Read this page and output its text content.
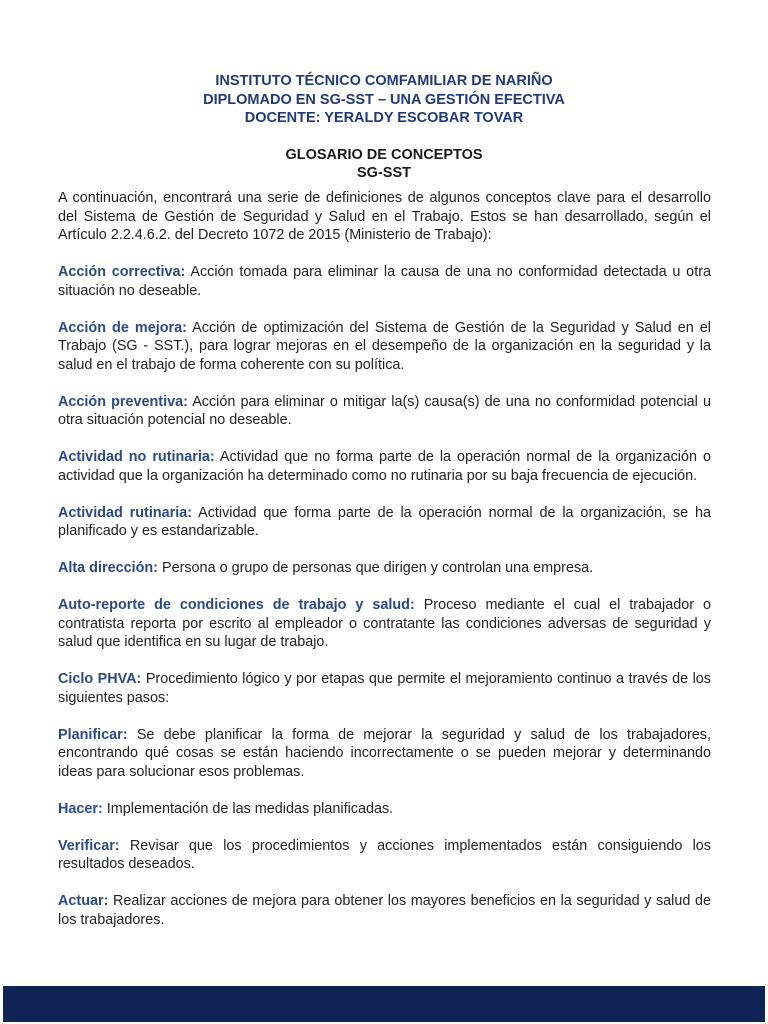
INSTITUTO TÉCNICO COMFAMILIAR DE NARIÑO
DIPLOMADO EN SG-SST – UNA GESTIÓN EFECTIVA
DOCENTE: YERALDY ESCOBAR TOVAR
GLOSARIO DE CONCEPTOS
SG-SST

A continuación, encontrará una serie de definiciones de algunos conceptos clave para el desarrollo del Sistema de Gestión de Seguridad y Salud en el Trabajo. Estos se han desarrollado, según el Artículo 2.2.4.6.2. del Decreto 1072 de 2015 (Ministerio de Trabajo):

Acción correctiva: Acción tomada para eliminar la causa de una no conformidad detectada u otra situación no deseable.

Acción de mejora: Acción de optimización del Sistema de Gestión de la Seguridad y Salud en el Trabajo (SG - SST.), para lograr mejoras en el desempeño de la organización en la seguridad y la salud en el trabajo de forma coherente con su política.

Acción preventiva: Acción para eliminar o mitigar la(s) causa(s) de una no conformidad potencial u otra situación potencial no deseable.

Actividad no rutinaria: Actividad que no forma parte de la operación normal de la organización o actividad que la organización ha determinado como no rutinaria por su baja frecuencia de ejecución.

Actividad rutinaria: Actividad que forma parte de la operación normal de la organización, se ha planificado y es estandarizable.

Alta dirección: Persona o grupo de personas que dirigen y controlan una empresa.

Auto-reporte de condiciones de trabajo y salud: Proceso mediante el cual el trabajador o contratista reporta por escrito al empleador o contratante las condiciones adversas de seguridad y salud que identifica en su lugar de trabajo.

Ciclo PHVA: Procedimiento lógico y por etapas que permite el mejoramiento continuo a través de los siguientes pasos:

Planificar: Se debe planificar la forma de mejorar la seguridad y salud de los trabajadores, encontrando qué cosas se están haciendo incorrectamente o se pueden mejorar y determinando ideas para solucionar esos problemas.

Hacer: Implementación de las medidas planificadas.

Verificar: Revisar que los procedimientos y acciones implementados están consiguiendo los resultados deseados.

Actuar: Realizar acciones de mejora para obtener los mayores beneficios en la seguridad y salud de los trabajadores.
